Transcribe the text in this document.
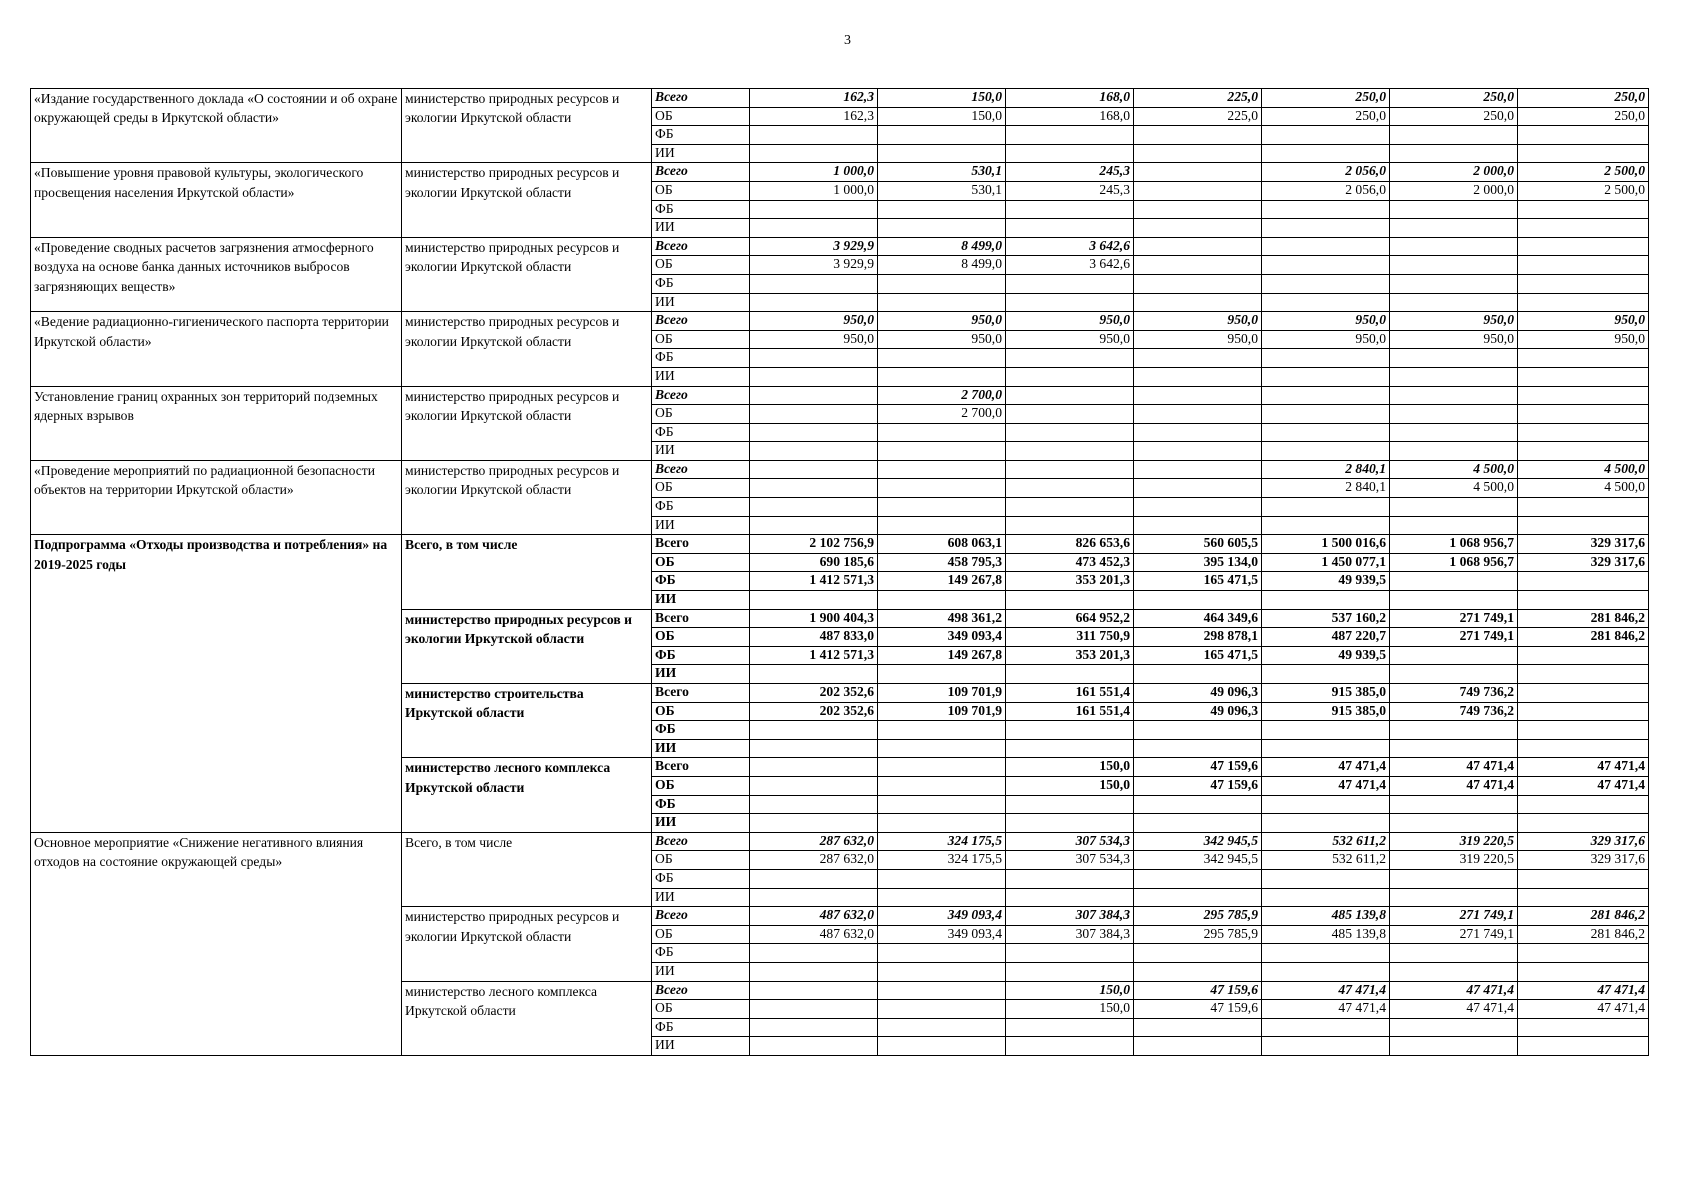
3
«Издание государственного доклада «О состоянии и об охране окружающей среды в Иркутской области»	министерство природных ресурсов и экологии Иркутской области	Всего	162,3	150,0	168,0	225,0	250,0	250,0	250,0
		ОБ	162,3	150,0	168,0	225,0	250,0	250,0	250,0
		ФБ							
		ИИ							
«Повышение уровня правовой культуры, экологического просвещения населения Иркутской области»	министерство природных ресурсов и экологии Иркутской области	Всего	1 000,0	530,1	245,3		2 056,0	2 000,0	2 500,0
		ОБ	1 000,0	530,1	245,3		2 056,0	2 000,0	2 500,0
		ФБ							
		ИИ							
«Проведение сводных расчетов загрязнения атмосферного воздуха на основе банка данных источников выбросов загрязняющих веществ»	министерство природных ресурсов и экологии Иркутской области	Всего	3 929,9	8 499,0	3 642,6				
		ОБ	3 929,9	8 499,0	3 642,6				
		ФБ							
		ИИ							
«Ведение радиационно-гигиенического паспорта территории Иркутской области»	министерство природных ресурсов и экологии Иркутской области	Всего	950,0	950,0	950,0	950,0	950,0	950,0	950,0
		ОБ	950,0	950,0	950,0	950,0	950,0	950,0	950,0
		ФБ							
		ИИ							
Установление границ охранных зон территорий подземных ядерных взрывов	министерство природных ресурсов и экологии Иркутской области	Всего		2 700,0					
		ОБ		2 700,0					
		ФБ							
		ИИ							
«Проведение мероприятий по радиационной безопасности объектов на территории Иркутской области»	министерство природных ресурсов и экологии Иркутской области	Всего					2 840,1	4 500,0	4 500,0
		ОБ					2 840,1	4 500,0	4 500,0
		ФБ							
		ИИ							
Подпрограмма «Отходы производства и потребления» на 2019-2025 годы	Всего, в том числе	Всего	2 102 756,9	608 063,1	826 653,6	560 605,5	1 500 016,6	1 068 956,7	329 317,6
		ОБ	690 185,6	458 795,3	473 452,3	395 134,0	1 450 077,1	1 068 956,7	329 317,6
		ФБ	1 412 571,3	149 267,8	353 201,3	165 471,5	49 939,5		
		ИИ							
	министерство природных ресурсов и экологии Иркутской области	Всего	1 900 404,3	498 361,2	664 952,2	464 349,6	537 160,2	271 749,1	281 846,2
		ОБ	487 833,0	349 093,4	311 750,9	298 878,1	487 220,7	271 749,1	281 846,2
		ФБ	1 412 571,3	149 267,8	353 201,3	165 471,5	49 939,5		
		ИИ							
	министерство строительства Иркутской области	Всего	202 352,6	109 701,9	161 551,4	49 096,3	915 385,0	749 736,2	
		ОБ	202 352,6	109 701,9	161 551,4	49 096,3	915 385,0	749 736,2	
		ФБ							
		ИИ							
	министерство лесного комплекса Иркутской области	Всего			150,0	47 159,6	47 471,4	47 471,4	47 471,4
		ОБ			150,0	47 159,6	47 471,4	47 471,4	47 471,4
		ФБ							
		ИИ							
Основное мероприятие «Снижение негативного влияния отходов на состояние окружающей среды»	Всего, в том числе	Всего	287 632,0	324 175,5	307 534,3	342 945,5	532 611,2	319 220,5	329 317,6
		ОБ	287 632,0	324 175,5	307 534,3	342 945,5	532 611,2	319 220,5	329 317,6
		ФБ							
		ИИ							
	министерство природных ресурсов и экологии Иркутской области	Всего	487 632,0	349 093,4	307 384,3	295 785,9	485 139,8	271 749,1	281 846,2
		ОБ	487 632,0	349 093,4	307 384,3	295 785,9	485 139,8	271 749,1	281 846,2
		ФБ							
		ИИ							
	министерство лесного комплекса Иркутской области	Всего			150,0	47 159,6	47 471,4	47 471,4	47 471,4
		ОБ			150,0	47 159,6	47 471,4	47 471,4	47 471,4
		ФБ							
		ИИ							
